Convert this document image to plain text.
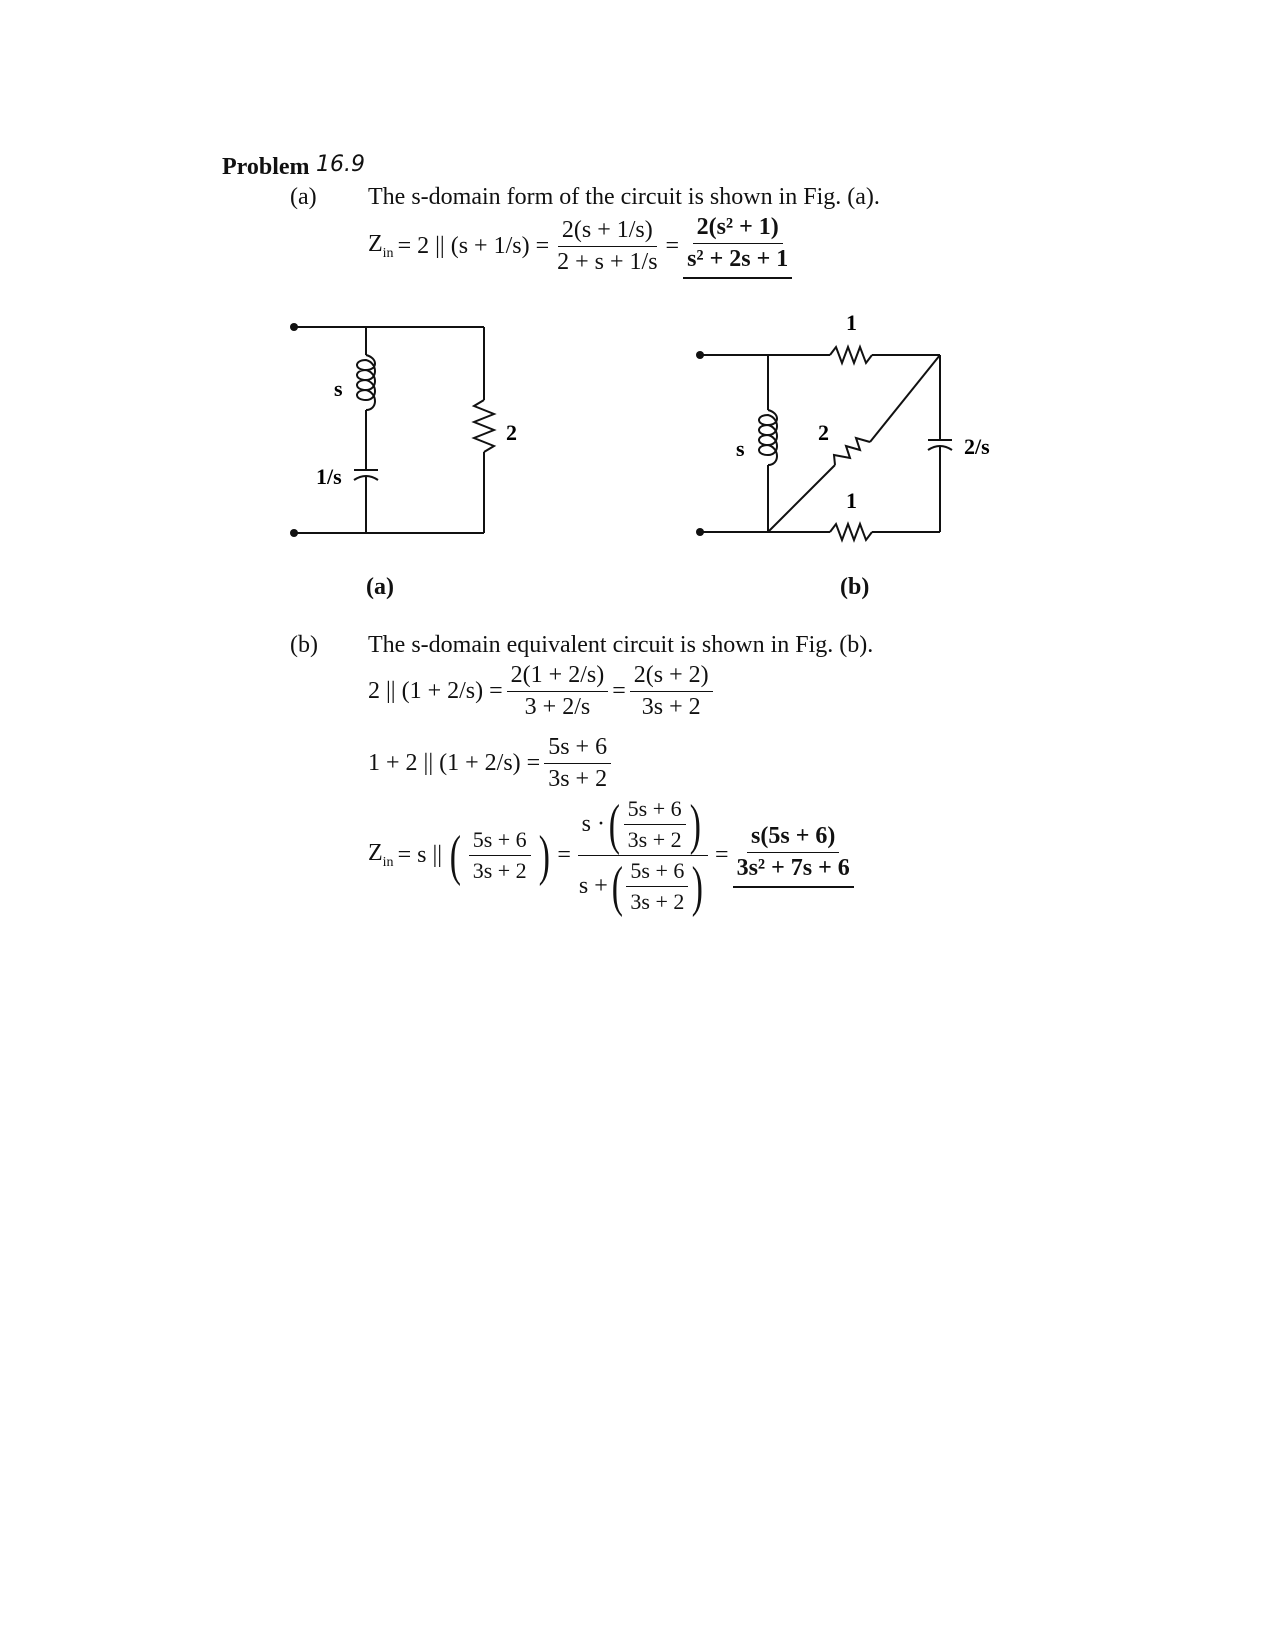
Problem 16.9
(a) The s-domain form of the circuit is shown in Fig. (a).
$Z_{in} = 2$ || $(s + 1/s) = \frac{2(s + 1/s)}{2 + s + 1/s} = \frac{\text{2(s² + 1)}}{\text{s² + 2s + 1}}$
s
1/s
2
(a)
1
2
1
s	2/s
(b)
(b) The s-domain equivalent circuit is shown in Fig. (b).
2 || $(1 + 2/s) = \frac{2(1 + 2/s)}{3 + 2/s} = \frac{2(s + 2)}{3s + 2}$
1 + 2 || $(1 + 2/s) = \frac{5s + 6}{3s + 2}$
$Z_{in} = s$ || ( $\frac{5s + 6}{3s + 2}$ ) =
s · ( $\frac{5s + 6}{3s + 2}$ )
s + ( $\frac{5s + 6}{3s + 2}$ )
= $\frac{s(5s + 6)}{\text{3s² + 7s + 6}}$
